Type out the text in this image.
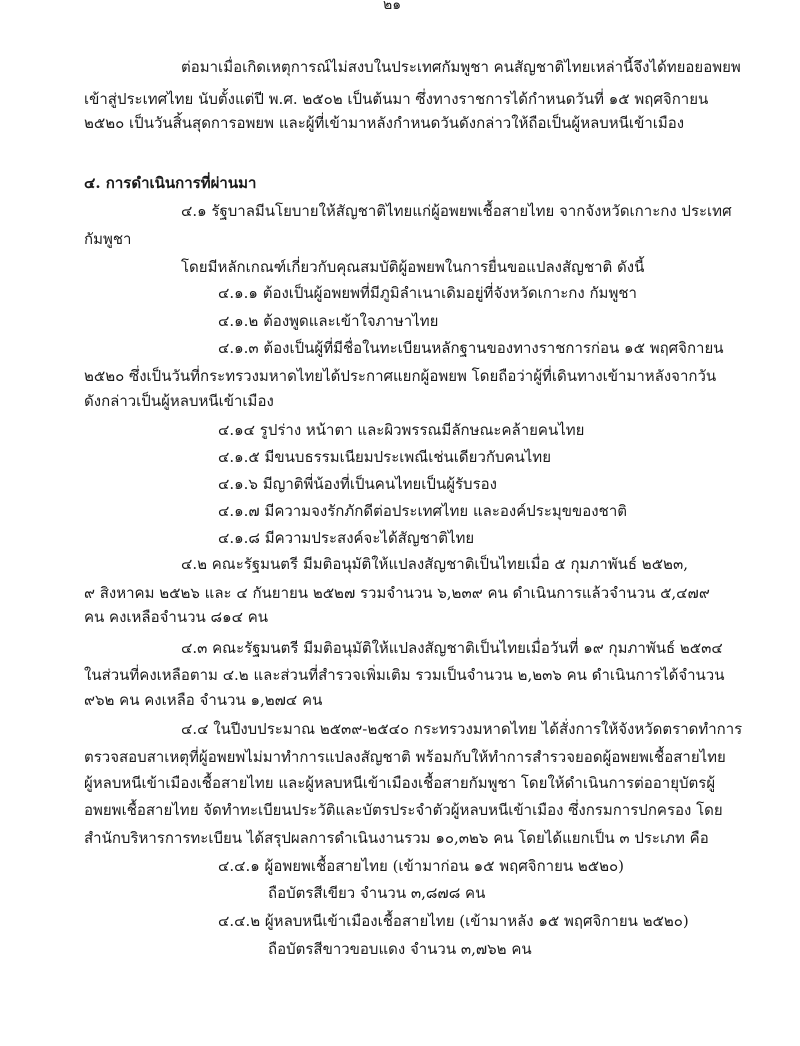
๒๑
ต่อมาเมื่อเกิดเหตุการณ์ไม่สงบในประเทศกัมพูชา คนสัญชาติไทยเหล่านี้จึงได้ทยอยอพยพ
เข้าสู่ประเทศไทย นับตั้งแต่ปี พ.ศ. ๒๕๐๒ เป็นต้นมา ซึ่งทางราชการได้กำหนดวันที่ ๑๕ พฤศจิกายน
๒๕๒๐ เป็นวันสิ้นสุดการอพยพ และผู้ที่เข้ามาหลังกำหนดวันดังกล่าวให้ถือเป็นผู้หลบหนีเข้าเมือง
๔. การดำเนินการที่ผ่านมา
๔.๑ รัฐบาลมีนโยบายให้สัญชาติไทยแก่ผู้อพยพเชื้อสายไทย จากจังหวัดเกาะกง ประเทศ
กัมพูชา
โดยมีหลักเกณฑ์เกี่ยวกับคุณสมบัติผู้อพยพในการยื่นขอแปลงสัญชาติ ดังนี้
๔.๑.๑ ต้องเป็นผู้อพยพที่มีภูมิลำเนาเดิมอยู่ที่จังหวัดเกาะกง กัมพูชา
๔.๑.๒ ต้องพูดและเข้าใจภาษาไทย
๔.๑.๓ ต้องเป็นผู้ที่มีชื่อในทะเบียนหลักฐานของทางราชการก่อน ๑๕ พฤศจิกายน
๒๕๒๐ ซึ่งเป็นวันที่กระทรวงมหาดไทยได้ประกาศแยกผู้อพยพ โดยถือว่าผู้ที่เดินทางเข้ามาหลังจากวัน
ดังกล่าวเป็นผู้หลบหนีเข้าเมือง
๔.๑๔ รูปร่าง หน้าตา และผิวพรรณมีลักษณะคล้ายคนไทย
๔.๑.๕ มีขนบธรรมเนียมประเพณีเช่นเดียวกับคนไทย
๔.๑.๖ มีญาติพี่น้องที่เป็นคนไทยเป็นผู้รับรอง
๔.๑.๗ มีความจงรักภักดีต่อประเทศไทย และองค์ประมุขของชาติ
๔.๑.๘ มีความประสงค์จะได้สัญชาติไทย
๔.๒ คณะรัฐมนตรี มีมติอนุมัติให้แปลงสัญชาติเป็นไทยเมื่อ ๕ กุมภาพันธ์ ๒๕๒๓,
๙ สิงหาคม ๒๕๒๖ และ ๔ กันยายน ๒๕๒๗ รวมจำนวน ๖,๒๓๙ คน ดำเนินการแล้วจำนวน ๕,๔๗๙
คน คงเหลือจำนวน ๘๑๔ คน
๔.๓ คณะรัฐมนตรี มีมติอนุมัติให้แปลงสัญชาติเป็นไทยเมื่อวันที่ ๑๙ กุมภาพันธ์ ๒๕๓๔
ในส่วนที่คงเหลือตาม ๔.๒ และส่วนที่สำรวจเพิ่มเติม รวมเป็นจำนวน ๒,๒๓๖ คน ดำเนินการได้จำนวน
๙๖๒ คน คงเหลือ จำนวน ๑,๒๗๔ คน
๔.๔ ในปีงบประมาณ ๒๕๓๙-๒๕๔๐ กระทรวงมหาดไทย ได้สั่งการให้จังหวัดตราดทำการ
ตรวจสอบสาเหตุที่ผู้อพยพไม่มาทำการแปลงสัญชาติ พร้อมกับให้ทำการสำรวจยอดผู้อพยพเชื้อสายไทย
ผู้หลบหนีเข้าเมืองเชื้อสายไทย และผู้หลบหนีเข้าเมืองเชื้อสายกัมพูชา โดยให้ดำเนินการต่ออายุบัตรผู้
อพยพเชื้อสายไทย จัดทำทะเบียนประวัติและบัตรประจำตัวผู้หลบหนีเข้าเมือง ซึ่งกรมการปกครอง โดย
สำนักบริหารการทะเบียน ได้สรุปผลการดำเนินงานรวม ๑๐,๓๒๖ คน โดยได้แยกเป็น ๓ ประเภท คือ
๔.๔.๑ ผู้อพยพเชื้อสายไทย (เข้ามาก่อน ๑๕ พฤศจิกายน ๒๕๒๐)
ถือบัตรสีเขียว จำนวน ๓,๘๗๘ คน
๔.๔.๒ ผู้หลบหนีเข้าเมืองเชื้อสายไทย (เข้ามาหลัง ๑๕ พฤศจิกายน ๒๕๒๐)
ถือบัตรสีขาวขอบแดง จำนวน ๓,๗๖๒ คน
